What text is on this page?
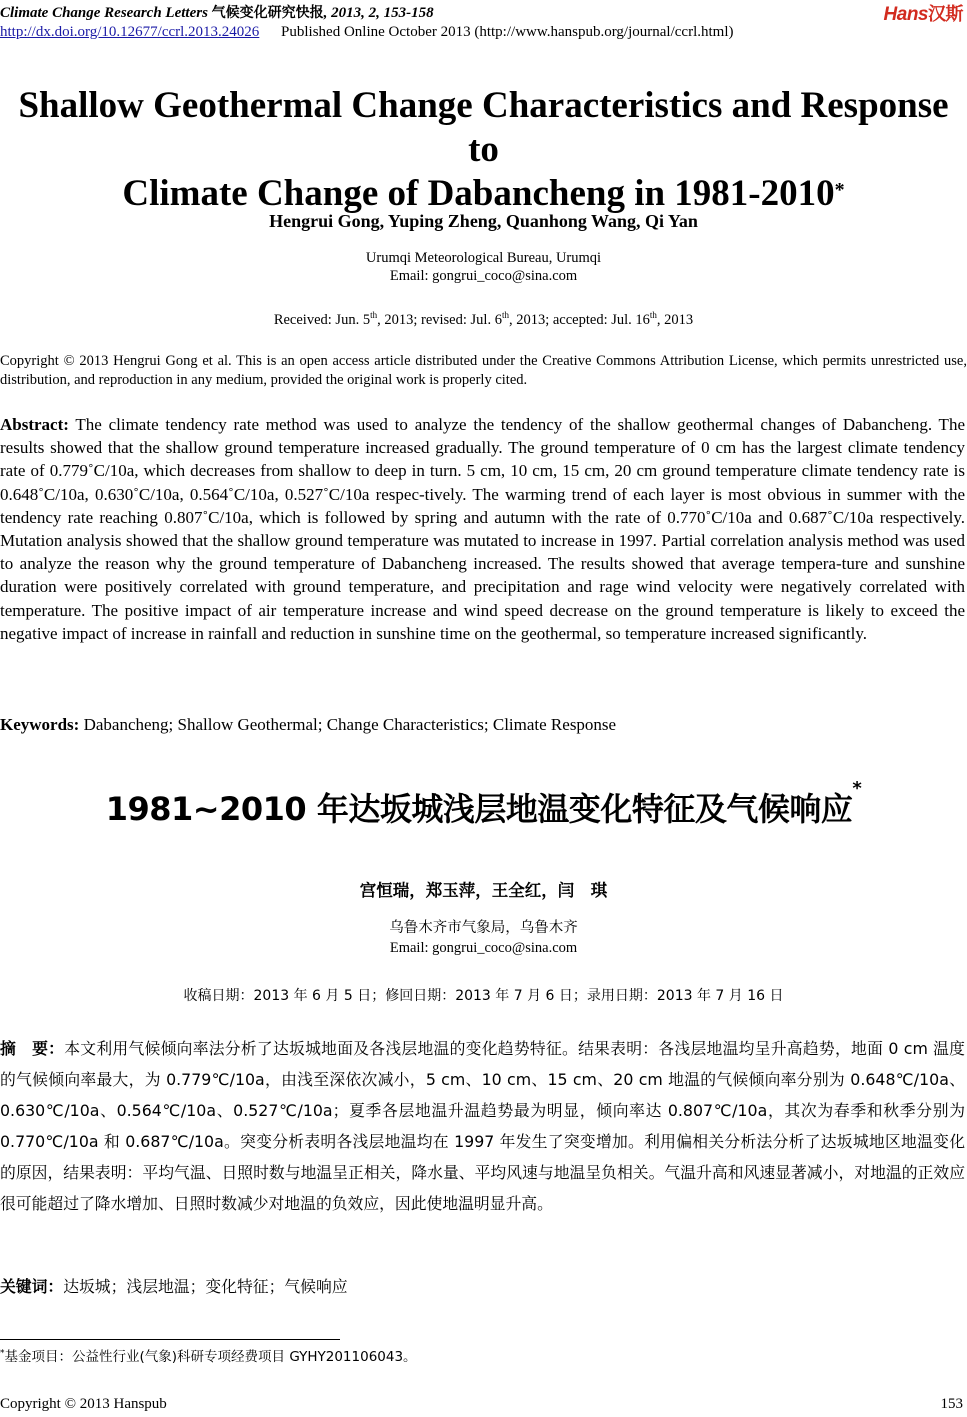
Climate Change Research Letters 气候变化研究快报, 2013, 2, 153-158	Hans汉斯
http://dx.doi.org/10.12677/ccrl.2013.24026 Published Online October 2013 (http://www.hanspub.org/journal/ccrl.html)
Shallow Geothermal Change Characteristics and Response to
Climate Change of Dabancheng in 1981-2010*
Hengrui Gong, Yuping Zheng, Quanhong Wang, Qi Yan
Urumqi Meteorological Bureau, Urumqi
Email: gongrui_coco@sina.com
Received: Jun. 5th, 2013; revised: Jul. 6th, 2013; accepted: Jul. 16th, 2013
Copyright © 2013 Hengrui Gong et al. This is an open access article distributed under the Creative Commons Attribution License, which permits unrestricted use, distribution, and reproduction in any medium, provided the original work is properly cited.
Abstract: The climate tendency rate method was used to analyze the tendency of the shallow geothermal changes of Dabancheng. The results showed that the shallow ground temperature increased gradually. The ground temperature of 0 cm has the largest climate tendency rate of 0.779˚C/10a, which decreases from shallow to deep in turn. 5 cm, 10 cm, 15 cm, 20 cm ground temperature climate tendency rate is 0.648˚C/10a, 0.630˚C/10a, 0.564˚C/10a, 0.527˚C/10a respec-tively. The warming trend of each layer is most obvious in summer with the tendency rate reaching 0.807˚C/10a, which is followed by spring and autumn with the rate of 0.770˚C/10a and 0.687˚C/10a respectively. Mutation analysis showed that the shallow ground temperature was mutated to increase in 1997. Partial correlation analysis method was used to analyze the reason why the ground temperature of Dabancheng increased. The results showed that average tempera-ture and sunshine duration were positively correlated with ground temperature, and precipitation and rage wind velocity were negatively correlated with temperature. The positive impact of air temperature increase and wind speed decrease on the ground temperature is likely to exceed the negative impact of increase in rainfall and reduction in sunshine time on the geothermal, so temperature increased significantly.
Keywords: Dabancheng; Shallow Geothermal; Change Characteristics; Climate Response
1981~2010 年达坂城浅层地温变化特征及气候响应*
宫恒瑞，郑玉萍，王全红，闫　琪
乌鲁木齐市气象局，乌鲁木齐
Email: gongrui_coco@sina.com
收稿日期：2013 年 6 月 5 日；修回日期：2013 年 7 月 6 日；录用日期：2013 年 7 月 16 日
摘　要：本文利用气候倾向率法分析了达坂城地面及各浅层地温的变化趋势特征。结果表明：各浅层地温均呈升高趋势，地面 0 cm 温度的气候倾向率最大，为 0.779℃/10a，由浅至深依次减小，5 cm、10 cm、15 cm、20 cm 地温的气候倾向率分别为 0.648℃/10a、0.630℃/10a、0.564℃/10a、0.527℃/10a；夏季各层地温升温趋势最为明显，倾向率达 0.807℃/10a，其次为春季和秋季分别为 0.770℃/10a 和 0.687℃/10a。突变分析表明各浅层地温均在 1997 年发生了突变增加。利用偏相关分析法分析了达坂城地区地温变化的原因，结果表明：平均气温、日照时数与地温呈正相关，降水量、平均风速与地温呈负相关。气温升高和风速显著减小，对地温的正效应很可能超过了降水增加、日照时数减少对地温的负效应，因此使地温明显升高。
关键词：达坂城；浅层地温；变化特征；气候响应
*基金项目：公益性行业(气象)科研专项经费项目 GYHY201106043。
Copyright © 2013 Hanspub	153
